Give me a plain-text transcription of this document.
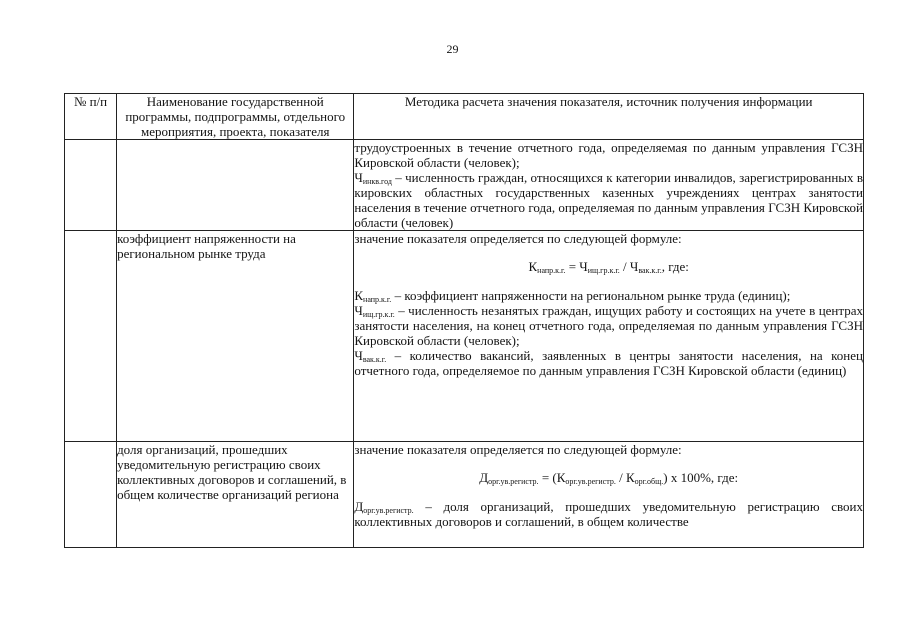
29
№ п/п	Наименование государственной программы, подпрограммы, отдельного мероприятия, проекта, показателя	Методика расчета значения показателя, источник получения информации

		трудоустроенных в течение отчетного года, определяемая по данным управления ГСЗН Кировской области (человек);

$Ч_{инкв.год}$ – численность граждан, относящихся к категории инвалидов, зарегистрированных в кировских областных государственных казенных учреждениях центрах занятости населения в течение отчетного года, определяемая по данным управления ГСЗН Кировской области (человек)

	коэффициент напряженности на региональном рынке труда	значение показателя определяется по следующей формуле:

$К_{напр.к.г.} = Ч_{ищ.гр.к.г.} / Ч_{вак.к.г.}$, где:

$К_{напр.к.г.}$ – коэффициент напряженности на региональном рынке труда (единиц);

$Ч_{ищ.гр.к.г.}$ – численность незанятых граждан, ищущих работу и состоящих на учете в центрах занятости населения, на конец отчетного года, определяемая по данным управления ГСЗН Кировской области (человек);

$Ч_{вак.к.г.}$ – количество вакансий, заявленных в центры занятости населения, на конец отчетного года, определяемое по данным управления ГСЗН Кировской области (единиц)

	доля организаций, прошедших уведомительную регистрацию своих коллективных договоров и соглашений, в общем количестве организаций региона	значение показателя определяется по следующей формуле:

$Д_{орг.ув.регистр.} = (К_{орг.ув.регистр.} / К_{орг.общ.})$ x 100%, где:

$Д_{орг.ув.регистр.}$ – доля организаций, прошедших уведомительную регистрацию своих коллективных договоров и соглашений, в общем количестве
